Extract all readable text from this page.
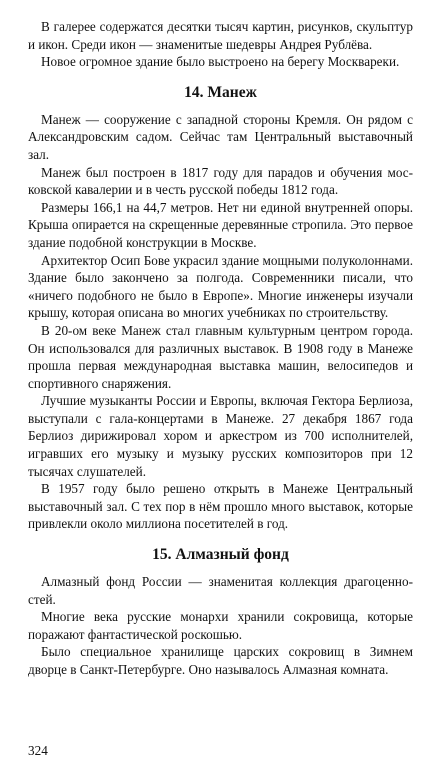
В галерее содержатся десятки тысяч картин, рисунков, скульптур и икон. Среди икон — знаменитые шедевры Андрея Рублёва.

Новое огромное здание было выстроено на берегу Москвареки.

14. Манеж

Манеж — сооружение с западной стороны Кремля. Он рядом с Александровским садом. Сейчас там Центральный выставочный зал.

Манеж был построен в 1817 году для парадов и обучения московской кавалерии и в честь русской победы 1812 года.

Размеры 166,1 на 44,7 метров. Нет ни единой внутренней опоры. Крыша опирается на скрещенные деревянные стропила. Это первое здание подобной конструкции в Москве.

Архитектор Осип Бове украсил здание мощными полуколоннами. Здание было закончено за полгода. Современники писали, что «ничего подобного не было в Европе». Многие инженеры изучали крышу, которая описана во многих учебниках по строительству.

В 20-ом веке Манеж стал главным культурным центром города. Он использовался для различных выставок. В 1908 году в Манеже прошла первая международная выставка машин, велосипедов и спортивного снаряжения.

Лучшие музыканты России и Европы, включая Гектора Берлиоза, выступали с гала-концертами в Манеже. 27 декабря 1867 года Берлиоз дирижировал хором и аркестром из 700 исполнителей, игравших его музыку и музыку русских композиторов при 12 тысячах слушателей.

В 1957 году было решено открыть в Манеже Центральный выставочный зал. С тех пор в нём прошло много выставок, которые привлекли около миллиона посетителей в год.

15. Алмазный фонд

Алмазный фонд России — знаменитая коллекция драгоценностей.

Многие века русские монархи хранили сокровища, которые поражают фантастической роскошью.

Было специальное хранилище царских сокровищ в Зимнем дворце в Санкт-Петербурге. Оно называлось Алмазная комната.

324
